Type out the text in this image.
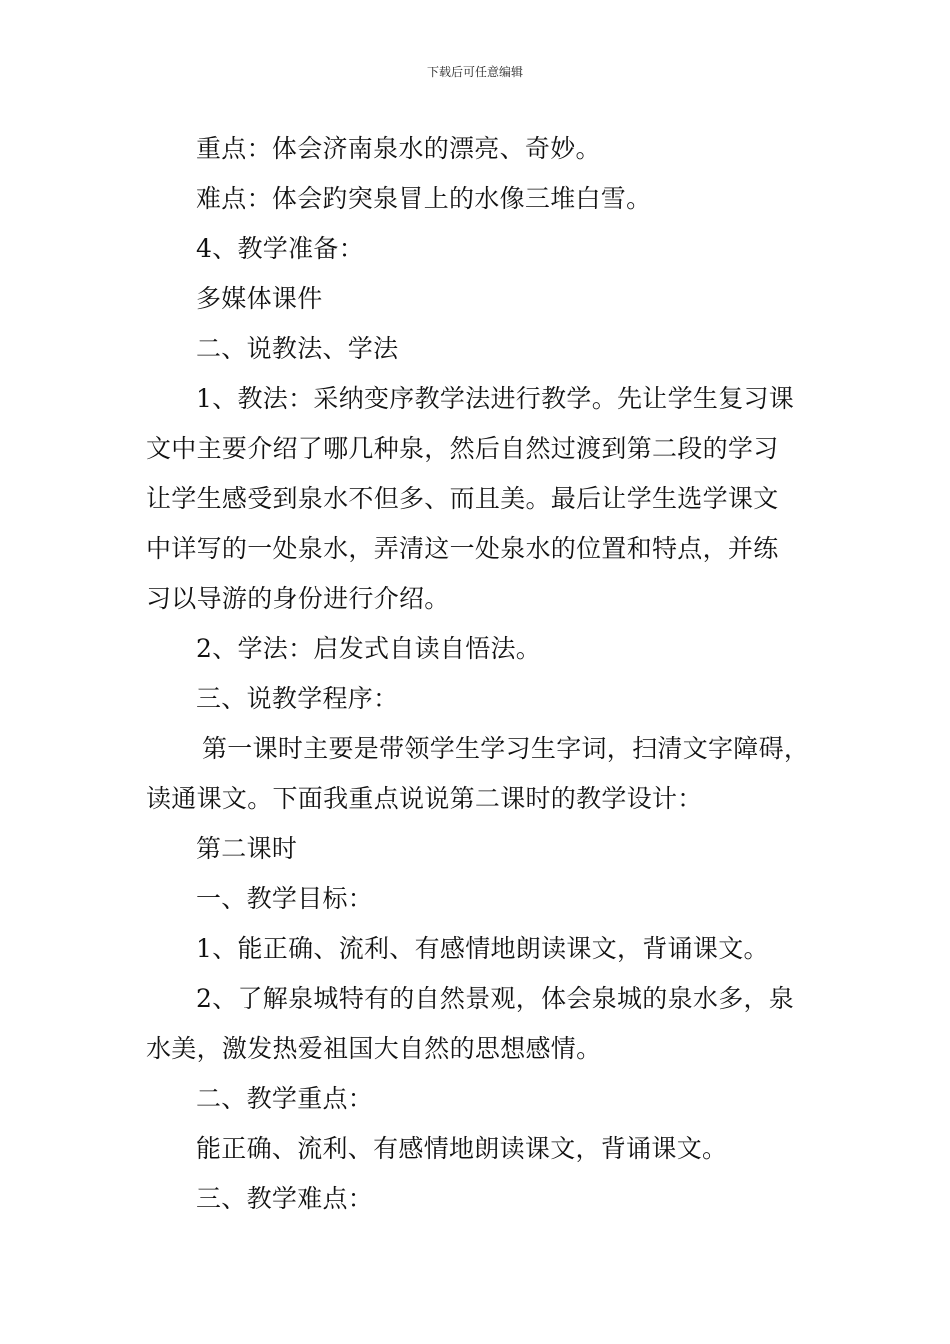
下载后可任意编辑
重点：体会济南泉水的漂亮、奇妙。
难点：体会趵突泉冒上的水像三堆白雪。
4、教学准备：
多媒体课件
二、说教法、学法
1、教法：采纳变序教学法进行教学。先让学生复习课
文中主要介绍了哪几种泉，然后自然过渡到第二段的学习
让学生感受到泉水不但多、而且美。最后让学生选学课文
中详写的一处泉水，弄清这一处泉水的位置和特点，并练
习以导游的身份进行介绍。
2、学法：启发式自读自悟法。
三、说教学程序：
第一课时主要是带领学生学习生字词，扫清文字障碍，
读通课文。下面我重点说说第二课时的教学设计：
第二课时
一、教学目标：
1、能正确、流利、有感情地朗读课文，背诵课文。
2、了解泉城特有的自然景观，体会泉城的泉水多，泉
水美，激发热爱祖国大自然的思想感情。
二、教学重点：
能正确、流利、有感情地朗读课文，背诵课文。
三、教学难点：
